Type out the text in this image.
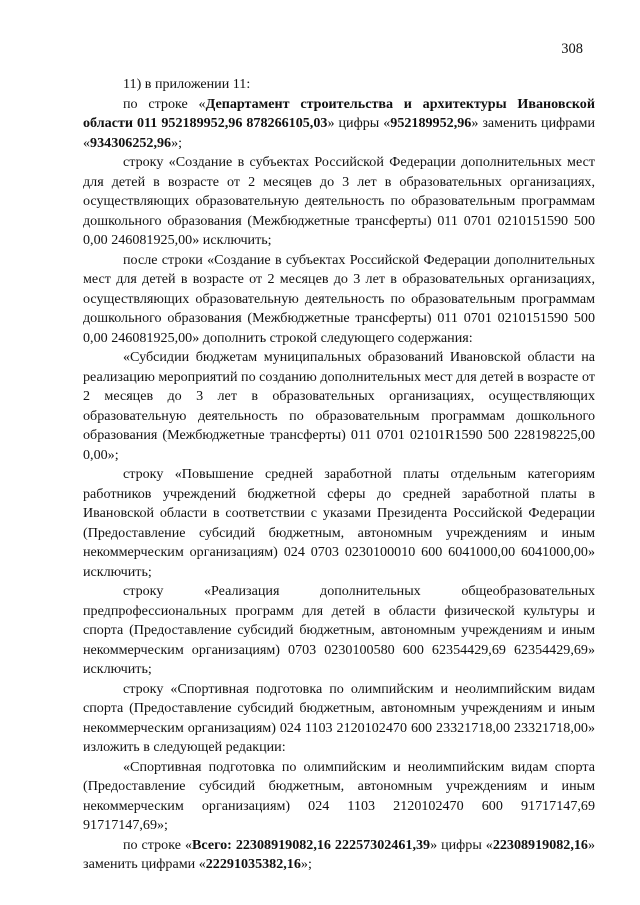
308

11) в приложении 11:

по строке «Департамент строительства и архитектуры Ивановской области 011 952189952,96 878266105,03» цифры «952189952,96» заменить цифрами «934306252,96»;

строку «Создание в субъектах Российской Федерации дополнительных мест для детей в возрасте от 2 месяцев до 3 лет в образовательных организациях, осуществляющих образовательную деятельность по образовательным программам дошкольного образования (Межбюджетные трансферты) 011 0701 0210151590 500 0,00 246081925,00» исключить;

после строки «Создание в субъектах Российской Федерации дополнительных мест для детей в возрасте от 2 месяцев до 3 лет в образовательных организациях, осуществляющих образовательную деятельность по образовательным программам дошкольного образования (Межбюджетные трансферты) 011 0701 0210151590 500 0,00 246081925,00» дополнить строкой следующего содержания:

«Субсидии бюджетам муниципальных образований Ивановской области на реализацию мероприятий по созданию дополнительных мест для детей в возрасте от 2 месяцев до 3 лет в образовательных организациях, осуществляющих образовательную деятельность по образовательным программам дошкольного образования (Межбюджетные трансферты) 011 0701 02101R1590 500 228198225,00 0,00»;

строку «Повышение средней заработной платы отдельным категориям работников учреждений бюджетной сферы до средней заработной платы в Ивановской области в соответствии с указами Президента Российской Федерации (Предоставление субсидий бюджетным, автономным учреждениям и иным некоммерческим организациям) 024 0703 0230100010 600 6041000,00 6041000,00» исключить;

строку «Реализация дополнительных общеобразовательных предпрофессиональных программ для детей в области физической культуры и спорта (Предоставление субсидий бюджетным, автономным учреждениям и иным некоммерческим организациям) 0703 0230100580 600 62354429,69 62354429,69» исключить;

строку «Спортивная подготовка по олимпийским и неолимпийским видам спорта (Предоставление субсидий бюджетным, автономным учреждениям и иным некоммерческим организациям) 024 1103 2120102470 600 23321718,00 23321718,00» изложить в следующей редакции:

«Спортивная подготовка по олимпийским и неолимпийским видам спорта (Предоставление субсидий бюджетным, автономным учреждениям и иным некоммерческим организациям) 024 1103 2120102470 600 91717147,69 91717147,69»;

по строке «Всего: 22308919082,16 22257302461,39» цифры «22308919082,16» заменить цифрами «22291035382,16»;
